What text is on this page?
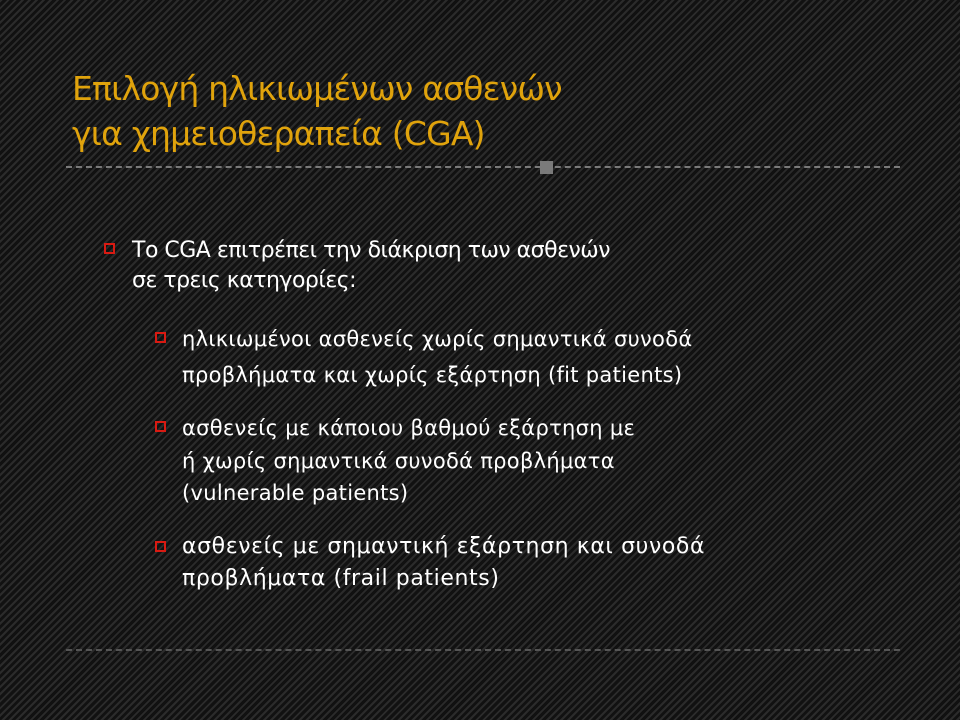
Επιλογή ηλικιωμένων ασθενών
για χημειοθεραπεία (CGA)
Το CGA επιτρέπει την διάκριση των ασθενών
σε τρεις κατηγορίες:
ηλικιωμένοι ασθενείς χωρίς σημαντικά συνοδά
προβλήματα και χωρίς εξάρτηση (fit patients)
ασθενείς με κάποιου βαθμού εξάρτηση με
ή χωρίς σημαντικά συνοδά προβλήματα
(vulnerable patients)
ασθενείς με σημαντική εξάρτηση και συνοδά
προβλήματα (frail patients)
